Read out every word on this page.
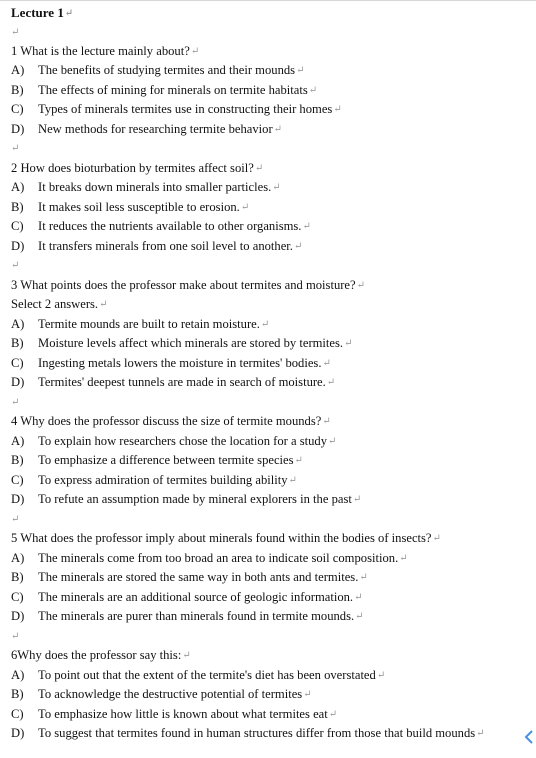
Lecture 1↵
↵
1 What is the lecture mainly about?↵
A) The benefits of studying termites and their mounds↵
B) The effects of mining for minerals on termite habitats↵
C) Types of minerals termites use in constructing their homes↵
D) New methods for researching termite behavior↵
↵
2 How does bioturbation by termites affect soil?↵
A) It breaks down minerals into smaller particles.↵
B) It makes soil less susceptible to erosion.↵
C) It reduces the nutrients available to other organisms.↵
D) It transfers minerals from one soil level to another.↵
↵
3 What points does the professor make about termites and moisture?↵
Select 2 answers.↵
A) Termite mounds are built to retain moisture.↵
B) Moisture levels affect which minerals are stored by termites.↵
C) Ingesting metals lowers the moisture in termites' bodies.↵
D) Termites' deepest tunnels are made in search of moisture.↵
↵
4 Why does the professor discuss the size of termite mounds?↵
A) To explain how researchers chose the location for a study↵
B) To emphasize a difference between termite species↵
C) To express admiration of termites building ability↵
D) To refute an assumption made by mineral explorers in the past↵
↵
5 What does the professor imply about minerals found within the bodies of insects?↵
A) The minerals come from too broad an area to indicate soil composition.↵
B) The minerals are stored the same way in both ants and termites.↵
C) The minerals are an additional source of geologic information.↵
D) The minerals are purer than minerals found in termite mounds.↵
↵
6Why does the professor say this:↵
A) To point out that the extent of the termite's diet has been overstated↵
B) To acknowledge the destructive potential of termites↵
C) To emphasize how little is known about what termites eat↵
D) To suggest that termites found in human structures differ from those that build mounds↵
